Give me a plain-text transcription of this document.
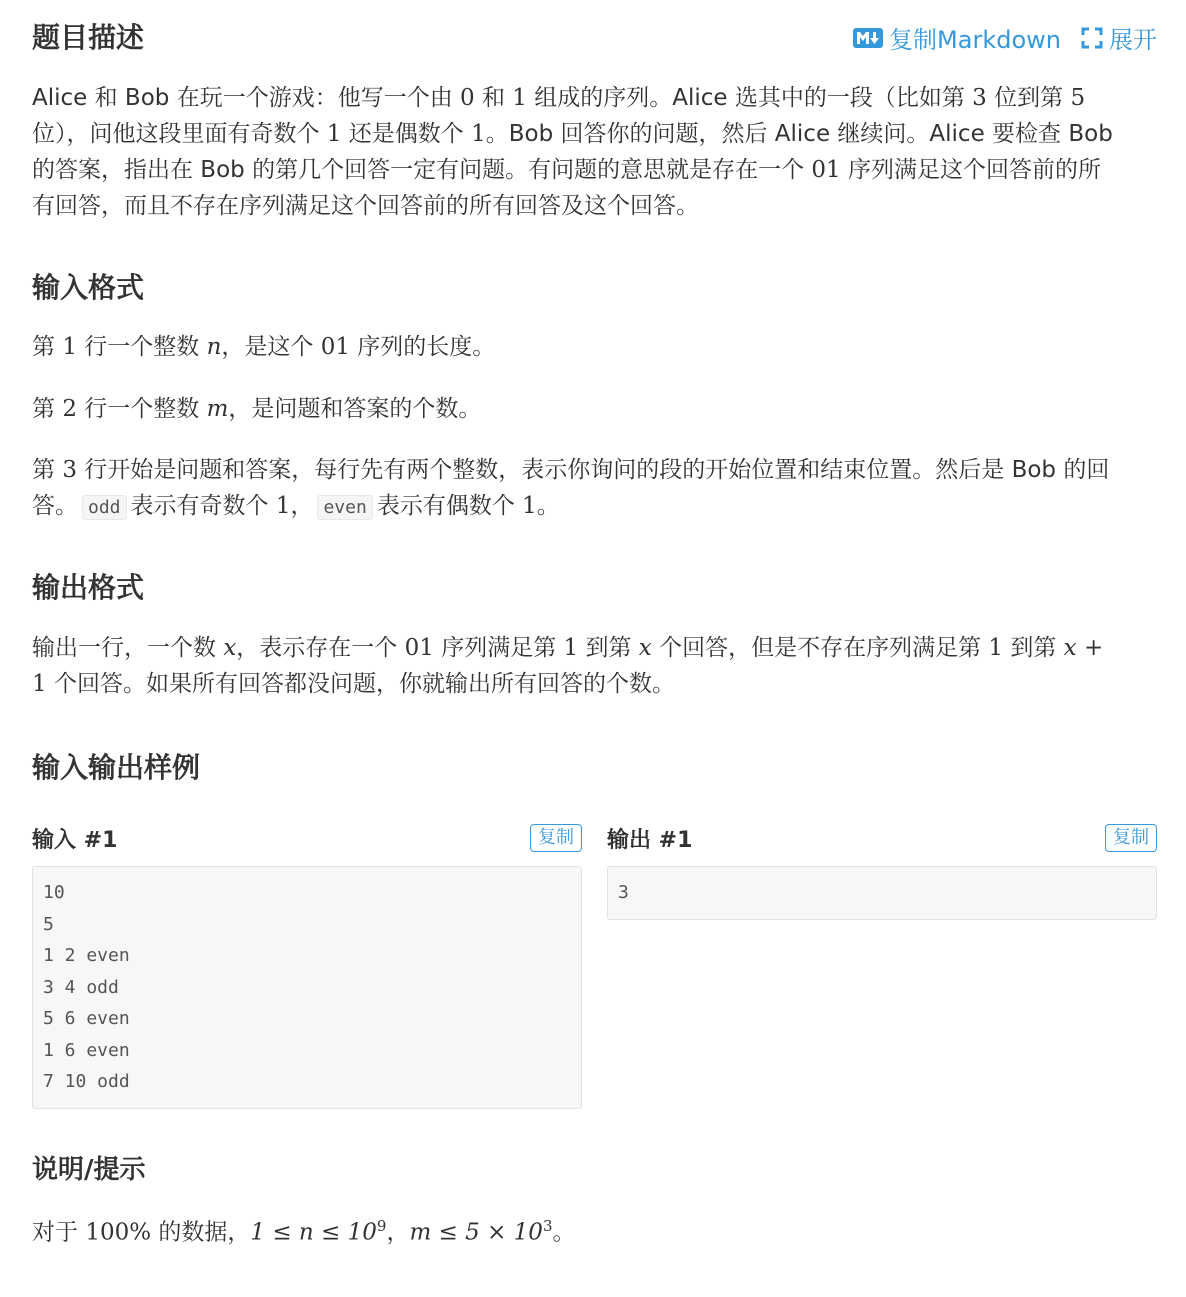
题目描述	复制Markdown 展开

Alice 和 Bob 在玩一个游戏：他写一个由 0 和 1 组成的序列。Alice 选其中的一段（比如第 3 位到第 5

位），问他这段里面有奇数个 1 还是偶数个 1。Bob 回答你的问题，然后 Alice 继续问。Alice 要检查 Bob

的答案，指出在 Bob 的第几个回答一定有问题。有问题的意思就是存在一个 01 序列满足这个回答前的所

有回答，而且不存在序列满足这个回答前的所有回答及这个回答。

输入格式

第 1 行一个整数 n，是这个 01 序列的长度。

第 2 行一个整数 m，是问题和答案的个数。

第 3 行开始是问题和答案，每行先有两个整数，表示你询问的段的开始位置和结束位置。然后是 Bob 的回

答。 odd 表示有奇数个 1， even 表示有偶数个 1。

输出格式

输出一行，一个数 x，表示存在一个 01 序列满足第 1 到第 x 个回答，但是不存在序列满足第 1 到第 x +

1 个回答。如果所有回答都没问题，你就输出所有回答的个数。

输入输出样例
输入 #1	复制
10
5
1 2 even
3 4 odd
5 6 even
1 6 even
7 10 odd
输出 #1	复制
3
说明/提示

对于 100% 的数据，$1 \le n \le 10^9$，$m \le 5 \times 10^3$。
